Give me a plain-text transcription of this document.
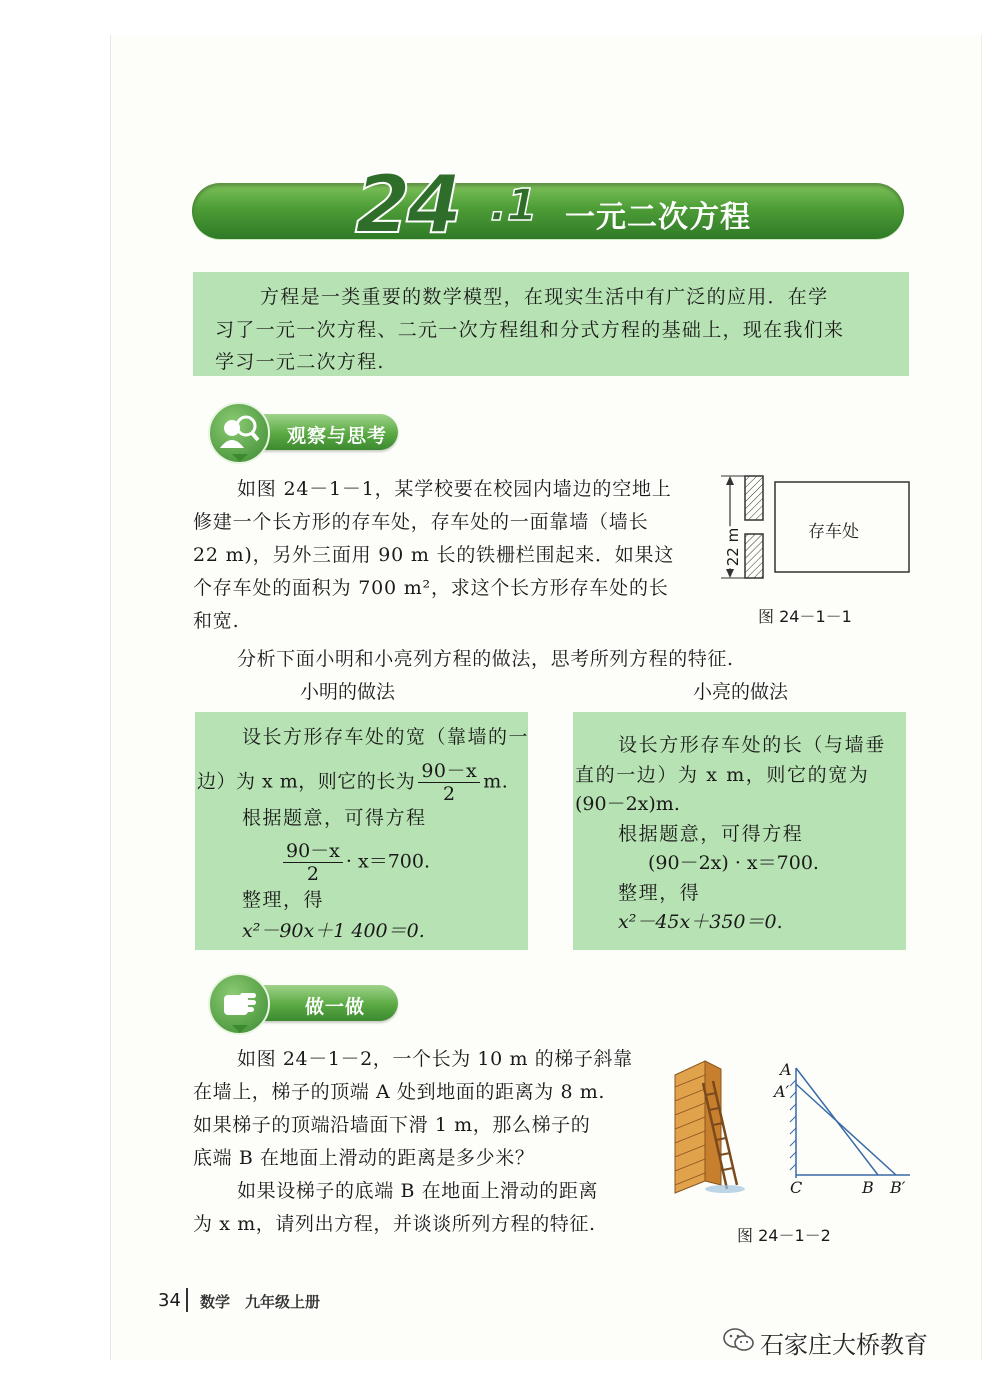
24 .1 一元二次方程

方程是一类重要的数学模型，在现实生活中有广泛的应用．在学

习了一元一次方程、二元一次方程组和分式方程的基础上，现在我们来

学习一元二次方程.

观察与思考

如图 24－1－1，某学校要在校园内墙边的空地上

修建一个长方形的存车处，存车处的一面靠墙（墙长

22 m)，另外三面用 90 m 长的铁栅栏围起来．如果这

个存车处的面积为 700 m²，求这个长方形存车处的长

和宽.

22 m	存车处
图 24－1－1

分析下面小明和小亮列方程的做法，思考所列方程的特征.

小明的做法	小亮的做法

设长方形存车处的宽（靠墙的一

边）为 x m，则它的长为 $\frac{90-x}{2} m$.

根据题意，可得方程

$\frac{90-x}{2} \cdot x=700$.

整理，得

x²－90x＋1 400＝0.

设长方形存车处的长（与墙垂

直的一边）为 x m，则它的宽为

(90－2x)m.

根据题意，可得方程

(90－2x) · x＝700.

整理，得

x²－45x＋350＝0.

做一做

如图 24－1－2，一个长为 10 m 的梯子斜靠

在墙上，梯子的顶端 A 处到地面的距离为 8 m.

如果梯子的顶端沿墙面下滑 1 m，那么梯子的

底端 B 在地面上滑动的距离是多少米？

如果设梯子的底端 B 在地面上滑动的距离

为 x m，请列出方程，并谈谈所列方程的特征.

A
A′
C	B B′
图 24－1－2
34 数学　九年级上册
石家庄大桥教育
